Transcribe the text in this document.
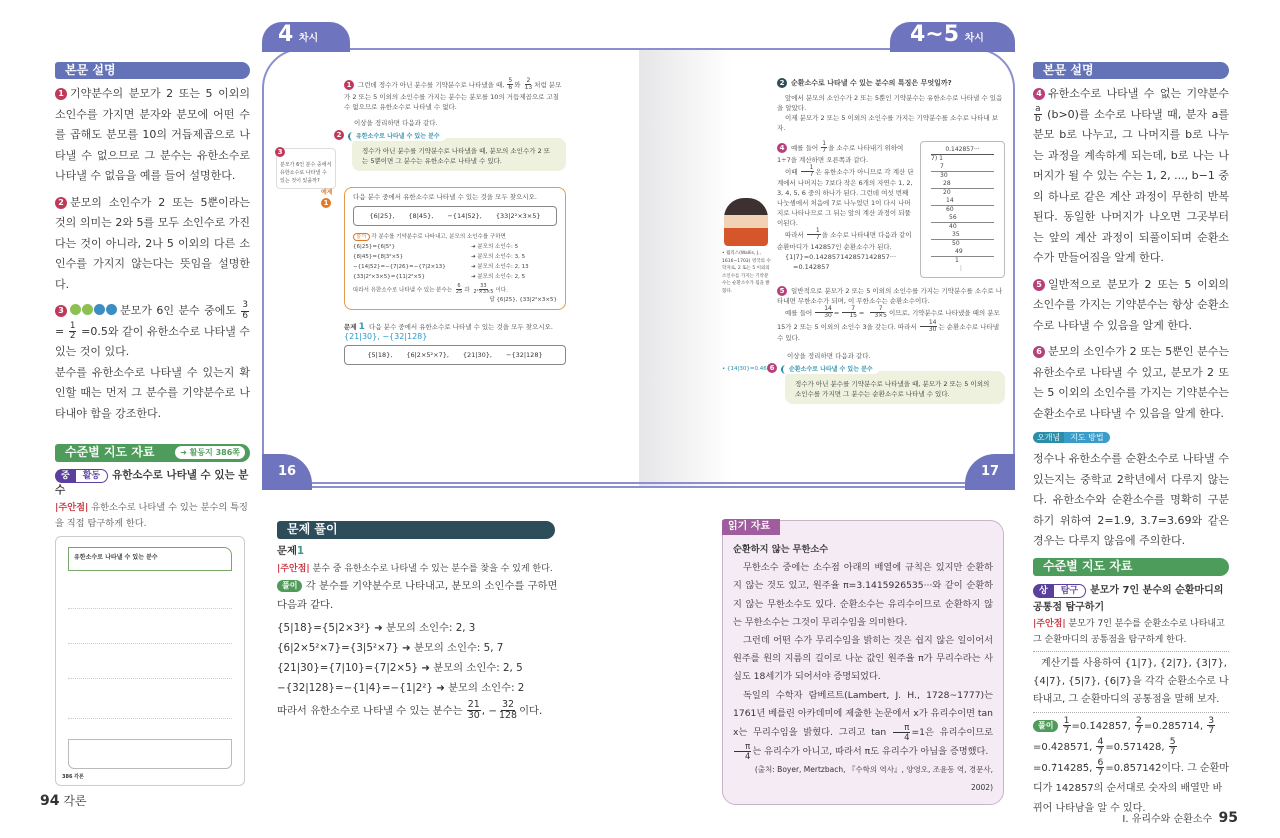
본문 설명

1 기약분수의 분모가 2 또는 5 이외의 소인수를 가지면 분자와 분모에 어떤 수를 곱해도 분모를 10의 거듭제곱으로 나타낼 수 없으므로 그 분수는 유한소수로 나타낼 수 없음을 예를 들어 설명한다.

2 분모의 소인수가 2 또는 5뿐이라는 것의 의미는 2와 5를 모두 소인수로 가진다는 것이 아니라, 2나 5 이외의 다른 소인수를 가지지 않는다는 뜻임을 설명한다.

3	분모가 6인 분수 중에도 $\frac{3}{6}$
= $\frac{1}{2} =0.5$와 같이 유한소수로 나타낼 수 있는 것이 있다.
분수를 유한소수로 나타낼 수 있는지 확인할 때는 먼저 그 분수를 기약분수로 나타내야 함을 강조한다.

수준별 지도 자료	➜ 활동지 386쪽
중 활동 유한소수로 나타낼 수 있는 분수
|주안점| 유한소수로 나타낼 수 있는 분수의 특징을 직접 탐구하게 한다.
유한소수로 나타낼 수 있는 분수
386 각론
4 차시	4~5 차시
3
분모가 6인 분수 중에서 유한소수로 나타낼 수 있는 것이 있을까?
1 그런데 정수가 아닌 분수를 기약분수로 나타냈을 때, $\frac{5}{6}$ 와 $\frac{2}{13}$ 처럼 분모가 2 또는 5 이외의 소인수를 가지는 분수는 분모를 10의 거듭제곱으로 고칠 수 없으므로 유한소수로 나타낼 수 없다.
이상을 정리하면 다음과 같다.
2	유한소수로 나타낼 수 있는 분수
정수가 아닌 분수를 기약분수로 나타냈을 때, 분모의 소인수가 2 또는 5뿐이면 그 분수는 유한소수로 나타낼 수 있다.
예제
1
다음 분수 중에서 유한소수로 나타낼 수 있는 것을 모두 찾으시오.
{6|25}, {8|45}, −{14|52}, {33|2²×3×5}
풀이 각 분수를 기약분수로 나타내고, 분모의 소인수를 구하면
{6|25}={6|5²}	➜ 분모의 소인수: 5
{8|45}={8|3²×5}	➜ 분모의 소인수: 3, 5
−{14|52}=−{7|26}=−{7|2×13}	➜ 분모의 소인수: 2, 13
{33|2²×3×5}={11|2²×5}	➜ 분모의 소인수: 2, 5
따라서 유한소수로 나타낼 수 있는 분수는 $\frac{6}{25}$ 과 $\frac{33}{\text{2²×3×5}}$ 이다.
답 {6|25}, {33|2²×3×5}
문제 1 다음 분수 중에서 유한소수로 나타낼 수 있는 것을 모두 찾으시오. {21|30}, −{32|128}
{5|18}, {6|2×5²×7}, {21|30}, −{32|128}
16
• 월리스(Wallis, J., 1616~1703) 영국의 수학자로, 2 또는 5 이외의 소인수를 가지는 기약분수는 순환소수가 됨을 밝혔다.
• {14|30}=0.46̇
2 순환소수로 나타낼 수 있는 분수의 특징은 무엇일까?
앞에서 분모의 소인수가 2 또는 5뿐인 기약분수는 유한소수로 나타낼 수 있음을 알았다.
이제 분모가 2 또는 5 이외의 소인수를 가지는 기약분수를 소수로 나타내 보자.
4 예를 들어 $\frac{1}{7}$ 을 소수로 나타내기 위하여 1÷7을 계산하면 오른쪽과 같다.
이때 $\frac{1}{7}$ 은 유한소수가 아니므로 각 계산 단계에서 나머지는 7보다 작은 6개의 자연수 1, 2, 3, 4, 5, 6 중의 하나가 된다. 그런데 여섯 번째 나눗셈에서 처음에 7로 나누었던 1이 다시 나머지로 나타나므로 그 뒤는 앞의 계산 과정이 되풀이된다.
따라서 $\frac{1}{7}$ 을 소수로 나타내면 다음과 같이 순환마디가 142857인 순환소수가 된다.
{1|7}=0.142857142857142857···
=0.1̇42857̇
0.142857···
7) 1
7
30
28
20
14
60
56
40
35
50
49
1
⋮
5 일반적으로 분모가 2 또는 5 이외의 소인수를 가지는 기약분수를 소수로 나타내면 무한소수가 되며, 이 무한소수는 순환소수이다.
예를 들어 $\frac{14}{30} = \frac{7}{15} = \frac{7}{3\times 5}$ 이므로, 기약분수로 나타냈을 때의 분모 15가 2 또는 5 이외의 소인수 3을 갖는다. 따라서 $\frac{14}{30}$ 는 순환소수로 나타낼 수 있다.
이상을 정리하면 다음과 같다.
6	순환소수로 나타낼 수 있는 분수
정수가 아닌 분수를 기약분수로 나타냈을 때, 분모가 2 또는 5 이외의 소인수를 가지면 그 분수는 순환소수로 나타낼 수 있다.
17
문제 풀이
문제1
|주안점| 분수 중 유한소수로 나타낼 수 있는 분수를 찾을 수 있게 한다.
풀이 각 분수를 기약분수로 나타내고, 분모의 소인수를 구하면 다음과 같다.
{5|18}={5|2×3²} ➜ 분모의 소인수: 2, 3
{6|2×5²×7}={3|5²×7} ➜ 분모의 소인수: 5, 7
{21|30}={7|10}={7|2×5} ➜ 분모의 소인수: 2, 5
−{32|128}=−{1|4}=−{1|2²} ➜ 분모의 소인수: 2
따라서 유한소수로 나타낼 수 있는 분수는 $\frac{21}{30}$ , − $\frac{32}{128}$ 이다.
읽기 자료
순환하지 않는 무한소수
무한소수 중에는 소수점 아래의 배열에 규칙은 있지만 순환하지 않는 것도 있고, 원주율 π=3.1415926535···와 같이 순환하지 않는 무한소수도 있다. 순환소수는 유리수이므로 순환하지 않는 무한소수는 그것이 무리수임을 의미한다.
그런데 어떤 수가 무리수임을 밝히는 것은 쉽지 않은 일이어서 원주를 원의 지름의 길이로 나눈 값인 원주율 π가 무리수라는 사실도 18세기가 되어서야 증명되었다.
독일의 수학자 람베르트(Lambert, J. H., 1728~1777)는 1761년 베를린 아카데미에 제출한 논문에서 x가 유리수이면 tan x는 무리수임을 밝혔다. 그리고 $\tan \frac{\pi}{4} =1$은 유리수이므로
$\frac{\pi}{4}$ 는 유리수가 아니고, 따라서 π도 유리수가 아님을 증명했다.
(출처: Boyer, Mertzbach, 『수학의 역사』, 양영오, 조윤동 역, 경문사, 2002)
본문 설명

4 유한소수로 나타낼 수 없는 기약분수
$\frac{a}{b} (b>0)$를 소수로 나타낼 때, 분자 a를 분모 b로 나누고, 그 나머지를 b로 나누는 과정을 계속하게 되는데, b로 나는 나머지가 될 수 있는 수는 1, 2, ..., b−1 중의 하나로 같은 계산 과정이 무한히 반복된다. 동일한 나머지가 나오면 그곳부터는 앞의 계산 과정이 되풀이되며 순환소수가 만들어짐을 알게 한다.

5 일반적으로 분모가 2 또는 5 이외의 소인수를 가지는 기약분수는 항상 순환소수로 나타낼 수 있음을 알게 한다.

6 분모의 소인수가 2 또는 5뿐인 분수는 유한소수로 나타낼 수 있고, 분모가 2 또는 5 이외의 소인수를 가지는 기약분수는 순환소수로 나타낼 수 있음을 알게 한다.

오개념 지도 방법

정수나 유한소수를 순환소수로 나타낼 수 있는지는 중학교 2학년에서 다루지 않는다. 유한소수와 순환소수를 명확히 구분하기 위하여 2=1.9̇, 3.7=3.69̇와 같은 경우는 다루지 않음에 주의한다.

수준별 지도 자료
상 탐구 분모가 7인 분수의 순환마디의 공통점 탐구하기
|주안점| 분모가 7인 분수를 순환소수로 나타내고 그 순환마디의 공통점을 탐구하게 한다.
계산기를 사용하여 {1|7}, {2|7}, {3|7}, {4|7}, {5|7}, {6|7}을 각각 순환소수로 나타내고, 그 순환마디의 공통점을 말해 보자.
풀이 $\frac{1}{7}$ =0.1̇42857̇, $\frac{2}{7}$ =0.2̇85714̇, $\frac{3}{7}$
=0.4̇28571̇, $\frac{4}{7}$ =0.5̇71428̇, $\frac{5}{7}$
=0.7̇14285̇, $\frac{6}{7}$ =0.8̇57142̇이다. 그 순환마디가 142857의 순서대로 숫자의 배열만 바뀌어 나타남을 알 수 있다.
94 각론
I. 유리수와 순환소수 95
